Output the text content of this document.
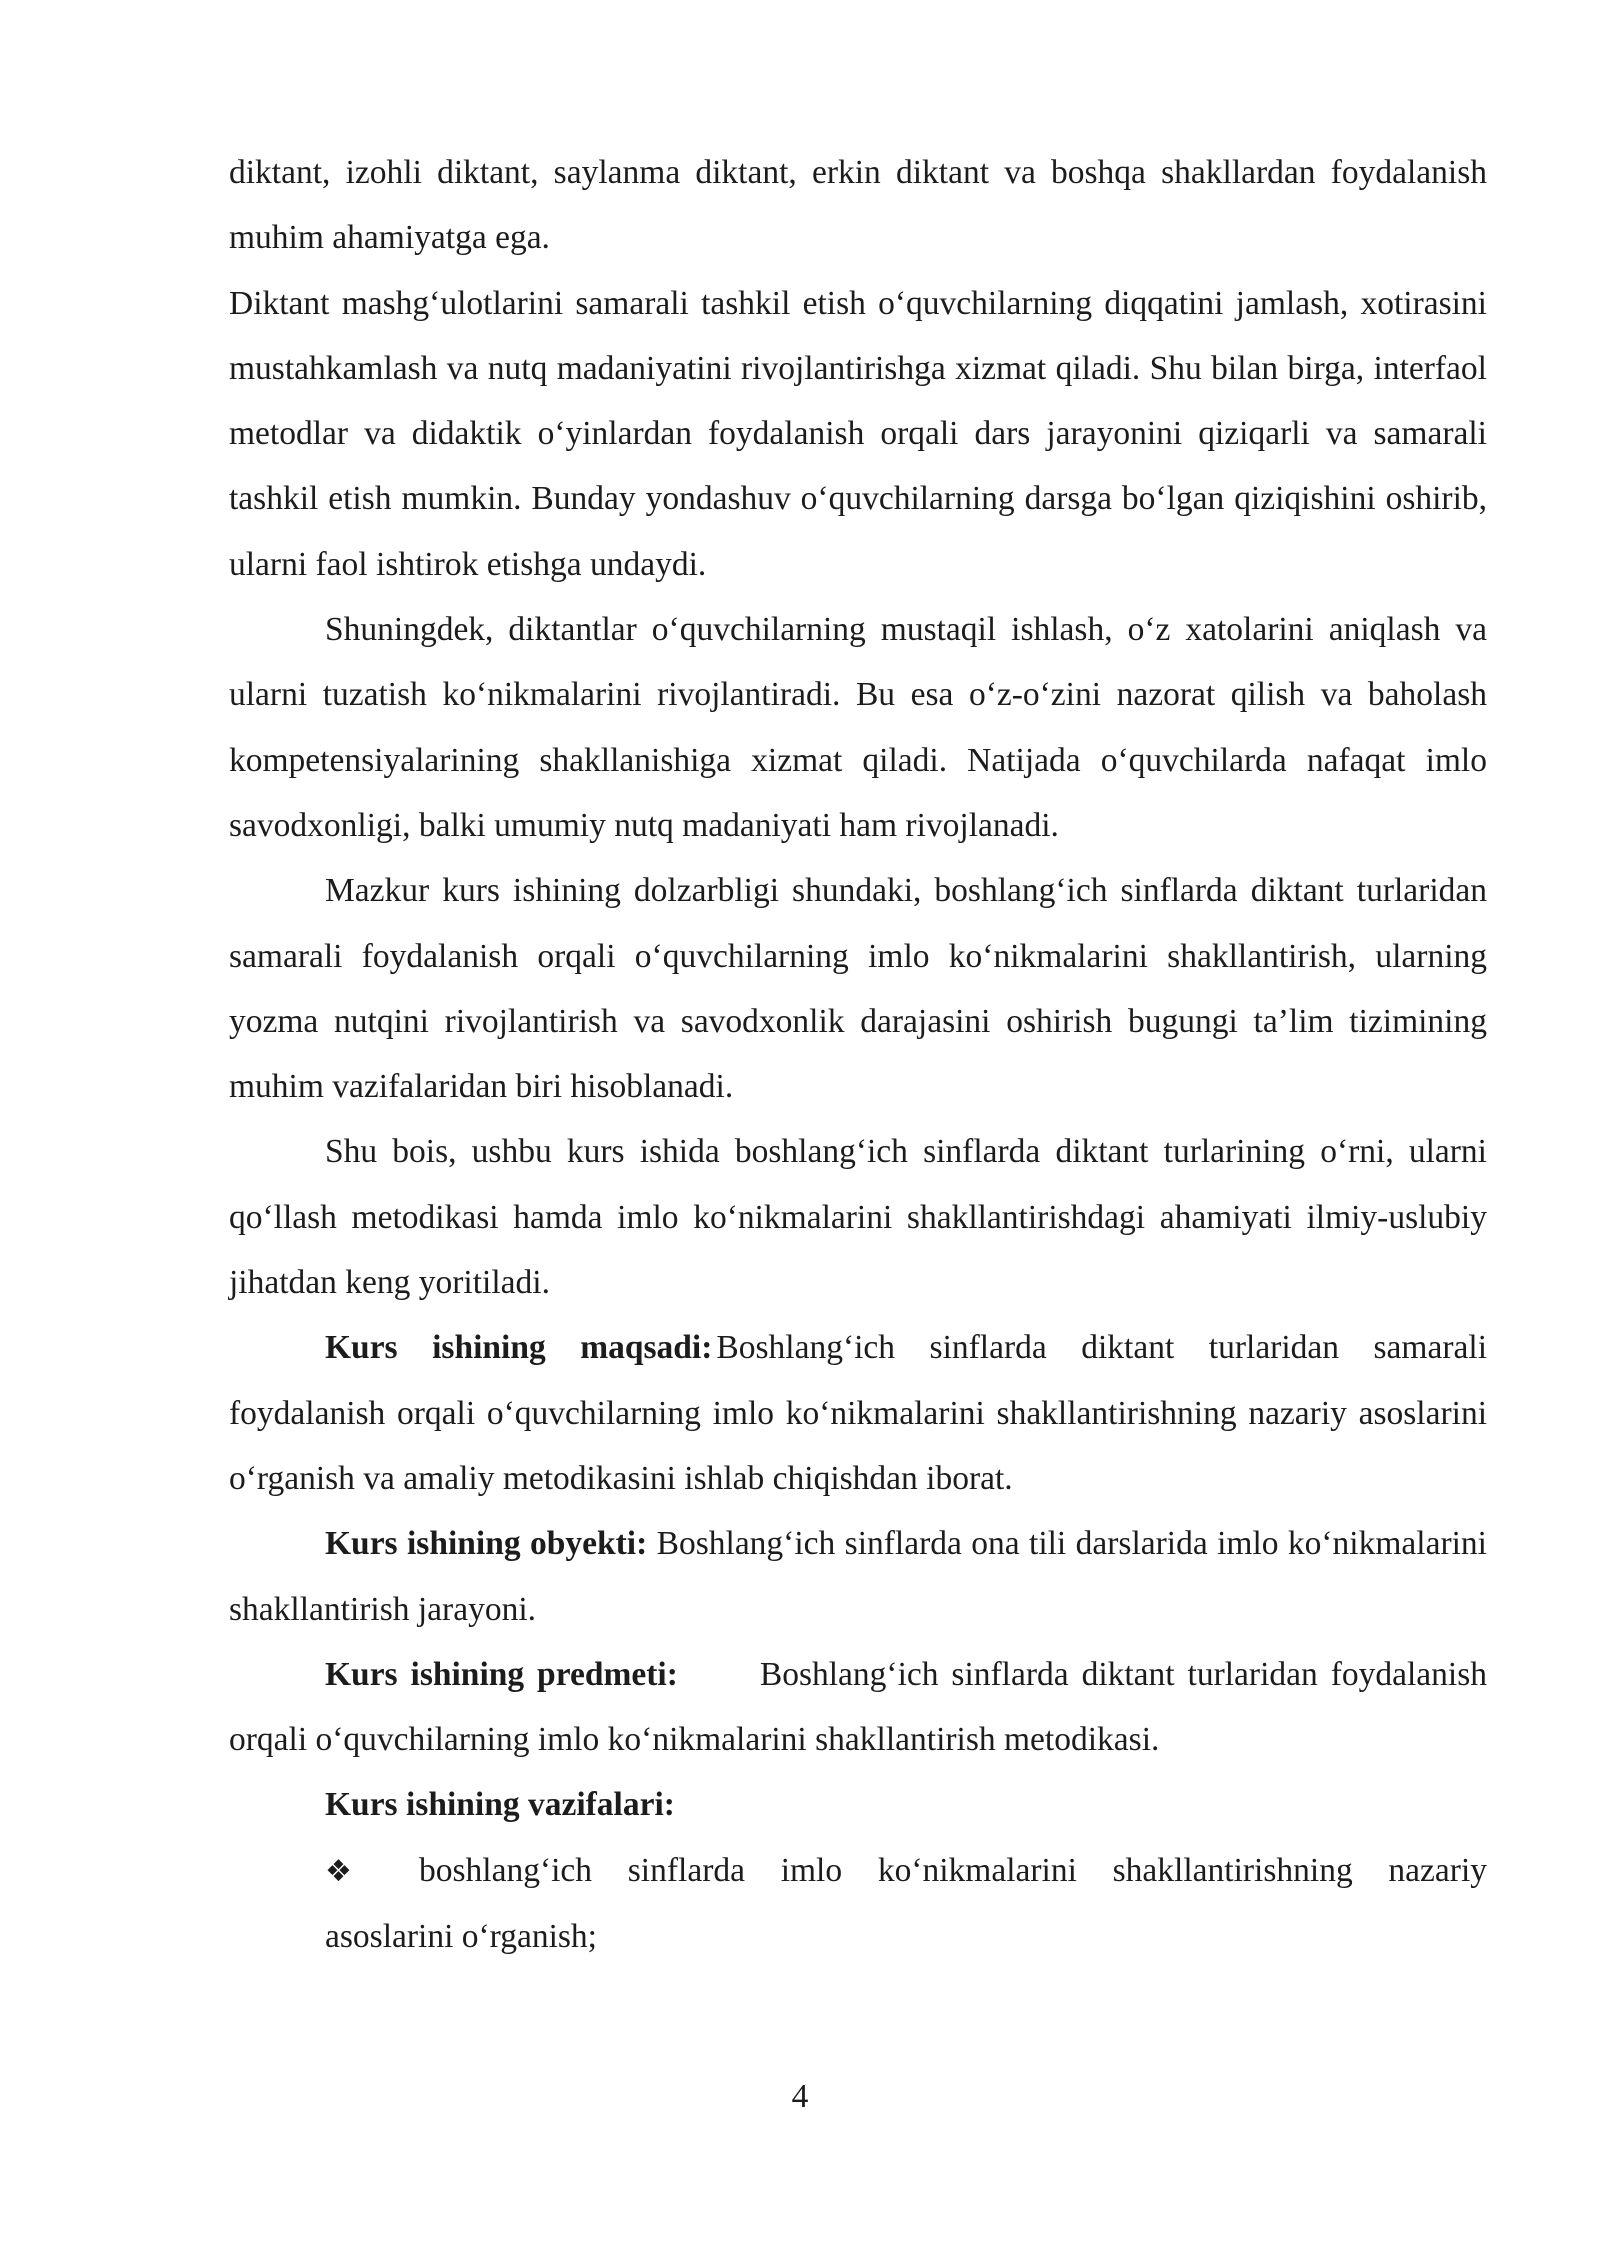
diktant, izohli diktant, saylanma diktant, erkin diktant va boshqa shakllardan foydalanish muhim ahamiyatga ega.

Diktant mashg‘ulotlarini samarali tashkil etish o‘quvchilarning diqqatini jamlash, xotirasini mustahkamlash va nutq madaniyatini rivojlantirishga xizmat qiladi. Shu bilan birga, interfaol metodlar va didaktik o‘yinlardan foydalanish orqali dars jarayonini qiziqarli va samarali tashkil etish mumkin. Bunday yondashuv o‘quvchilarning darsga bo‘lgan qiziqishini oshirib, ularni faol ishtirok etishga undaydi.

Shuningdek, diktantlar o‘quvchilarning mustaqil ishlash, o‘z xatolarini aniqlash va ularni tuzatish ko‘nikmalarini rivojlantiradi. Bu esa o‘z-o‘zini nazorat qilish va baholash kompetensiyalarining shakllanishiga xizmat qiladi. Natijada o‘quvchilarda nafaqat imlo savodxonligi, balki umumiy nutq madaniyati ham rivojlanadi.

Mazkur kurs ishining dolzarbligi shundaki, boshlang‘ich sinflarda diktant turlaridan samarali foydalanish orqali o‘quvchilarning imlo ko‘nikmalarini shakllantirish, ularning yozma nutqini rivojlantirish va savodxonlik darajasini oshirish bugungi ta’lim tizimining muhim vazifalaridan biri hisoblanadi.

Shu bois, ushbu kurs ishida boshlang‘ich sinflarda diktant turlarining o‘rni, ularni qo‘llash metodikasi hamda imlo ko‘nikmalarini shakllantirishdagi ahamiyati ilmiy-uslubiy jihatdan keng yoritiladi.

Kurs ishining maqsadi: Boshlang‘ich sinflarda diktant turlaridan samarali foydalanish orqali o‘quvchilarning imlo ko‘nikmalarini shakllantirishning nazariy asoslarini o‘rganish va amaliy metodikasini ishlab chiqishdan iborat.

Kurs ishining obyekti: Boshlang‘ich sinflarda ona tili darslarida imlo ko‘nikmalarini shakllantirish jarayoni.

Kurs ishining predmeti: Boshlang‘ich sinflarda diktant turlaridan foydalanish orqali o‘quvchilarning imlo ko‘nikmalarini shakllantirish metodikasi.

Kurs ishining vazifalari:

❖ boshlang‘ich sinflarda imlo ko‘nikmalarini shakllantirishning nazariy asoslarini o‘rganish;

4
